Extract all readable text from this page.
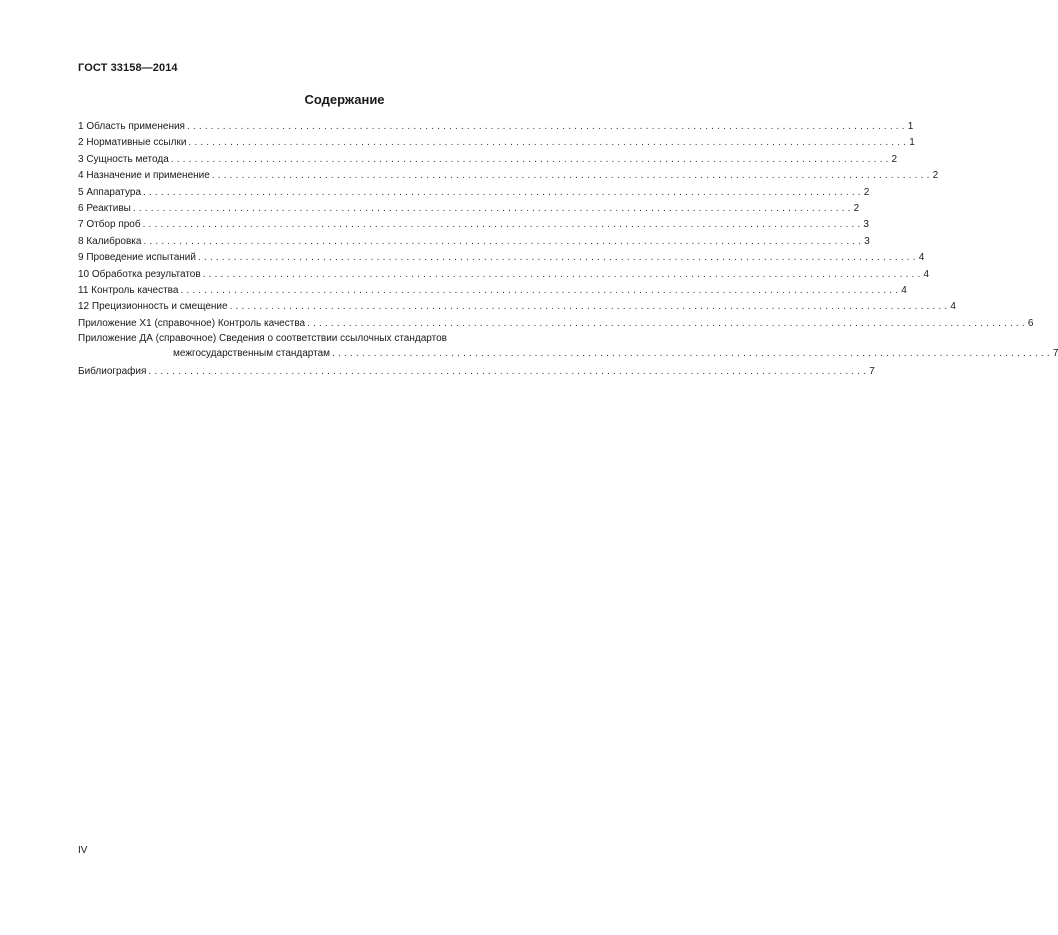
ГОСТ 33158—2014
Содержание
1 Область применения . . .	1
2 Нормативные ссылки . . .	1
3 Сущность метода . . .	2
4 Назначение и применение . . .	2
5 Аппаратура . . .	2
6 Реактивы . . .	2
7 Отбор проб . . .	3
8 Калибровка . . .	3
9 Проведение испытаний . . .	4
10 Обработка результатов . . .	4
11 Контроль качества . . .	4
12 Прецизионность и смещение . . .	4
Приложение Х1 (справочное) Контроль качества . . .	6
Приложение ДА (справочное) Сведения о соответствии ссылочных стандартов
межгосударственным стандартам . . .	7
Библиография . . .	7
IV
